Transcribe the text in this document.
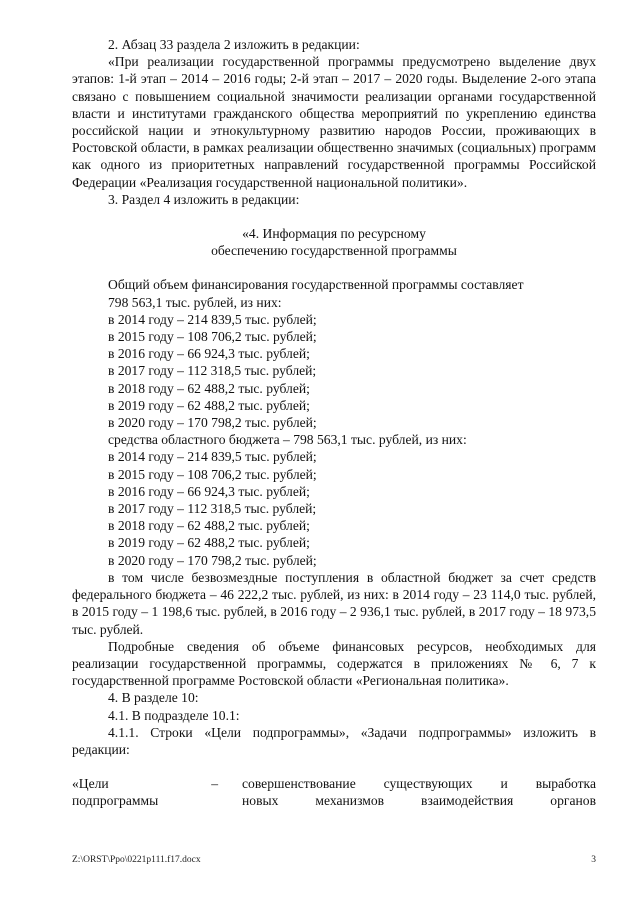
2. Абзац 33 раздела 2 изложить в редакции:

«При реализации государственной программы предусмотрено выделение двух этапов: 1-й этап – 2014 – 2016 годы; 2-й этап – 2017 – 2020 годы. Выделение 2-ого этапа связано с повышением социальной значимости реализации органами государственной власти и институтами гражданского общества мероприятий по укреплению единства российской нации и этнокультурному развитию народов России, проживающих в Ростовской области, в рамках реализации общественно значимых (социальных) программ как одного из приоритетных направлений государственной программы Российской Федерации «Реализация государственной национальной политики».

3. Раздел 4 изложить в редакции:

«4. Информация по ресурсному

обеспечению государственной программы

Общий объем финансирования государственной программы составляет

798 563,1 тыс. рублей, из них:

в 2014 году – 214 839,5 тыс. рублей;

в 2015 году – 108 706,2 тыс. рублей;

в 2016 году – 66 924,3 тыс. рублей;

в 2017 году – 112 318,5 тыс. рублей;

в 2018 году – 62 488,2 тыс. рублей;

в 2019 году – 62 488,2 тыс. рублей;

в 2020 году – 170 798,2 тыс. рублей;

средства областного бюджета – 798 563,1 тыс. рублей, из них:

в 2014 году – 214 839,5 тыс. рублей;

в 2015 году – 108 706,2 тыс. рублей;

в 2016 году – 66 924,3 тыс. рублей;

в 2017 году – 112 318,5 тыс. рублей;

в 2018 году – 62 488,2 тыс. рублей;

в 2019 году – 62 488,2 тыс. рублей;

в 2020 году – 170 798,2 тыс. рублей;

в том числе безвозмездные поступления в областной бюджет за счет средств федерального бюджета – 46 222,2 тыс. рублей, из них: в 2014 году – 23 114,0 тыс. рублей, в 2015 году – 1 198,6 тыс. рублей, в 2016 году – 2 936,1 тыс. рублей, в 2017 году – 18 973,5 тыс. рублей.

Подробные сведения об объеме финансовых ресурсов, необходимых для реализации государственной программы, содержатся в приложениях № 6, 7 к государственной программе Ростовской области «Региональная политика».

4. В разделе 10:

4.1. В подразделе 10.1:

4.1.1. Строки «Цели подпрограммы», «Задачи подпрограммы» изложить в редакции:

«Цели	–
подпрограммы
совершенствование существующих и выработка
новых механизмов взаимодействия органов
Z:\ORST\Ppo\0221p111.f17.docx	3
